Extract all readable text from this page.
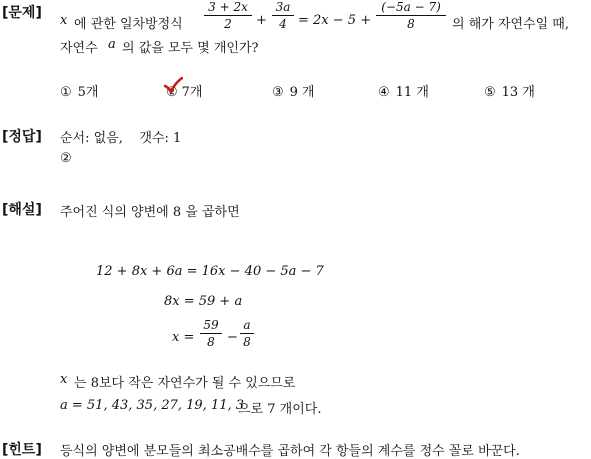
[문제] x 에 관한 일차방정식
3 + 2x
2	+
3a
4 = 2x − 5 +
(−5a − 7)
8	의 해가 자연수일 때,
자연수 a 의 값을 모두 몇 개인가?
① 5개	② 7개	③ 9 개	④ 11 개	⑤ 13 개
[정답] 순서: 없음,    갯수: 1
②
[해설] 주어진 식의 양변에 8 을 곱하면
12 + 8x + 6a = 16x − 40 − 5a − 7
8x = 59 + a
x =
59
8 −
a
8
x 는 8보다 작은 자연수가 될 수 있으므로
a = 51, 43, 35, 27, 19, 11, 3
으로 7 개이다.
[힌트] 등식의 양변에 분모들의 최소공배수를 곱하여 각 항들의 계수를 정수 꼴로 바꾼다.
